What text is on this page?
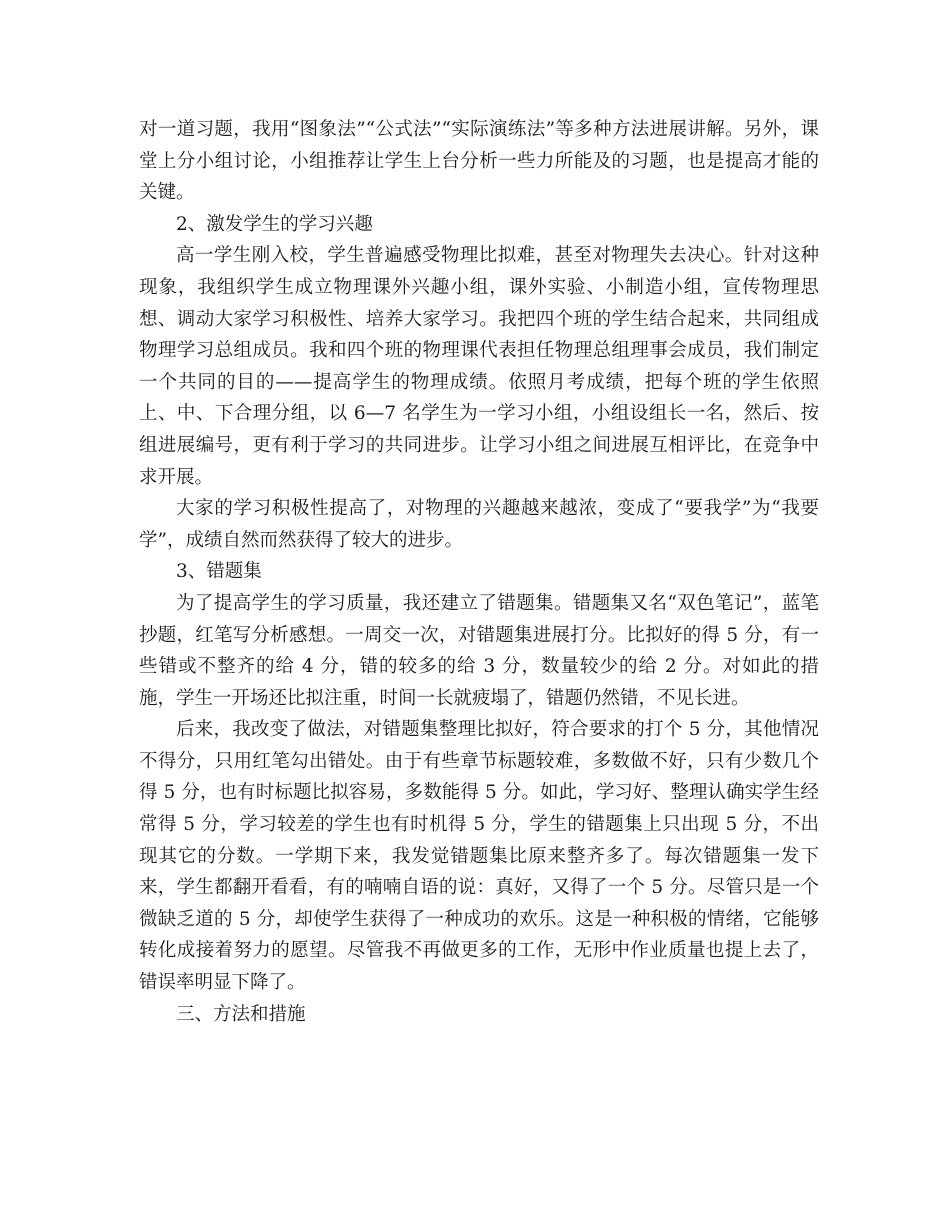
对一道习题，我用“图象法”“公式法”“实际演练法”等多种方法进展讲解。另外，课堂上分小组讨论，小组推荐让学生上台分析一些力所能及的习题，也是提高才能的关键。

2、激发学生的学习兴趣

高一学生刚入校，学生普遍感受物理比拟难，甚至对物理失去决心。针对这种现象，我组织学生成立物理课外兴趣小组，课外实验、小制造小组，宣传物理思想、调动大家学习积极性、培养大家学习。我把四个班的学生结合起来，共同组成物理学习总组成员。我和四个班的物理课代表担任物理总组理事会成员，我们制定一个共同的目的——提高学生的物理成绩。依照月考成绩，把每个班的学生依照上、中、下合理分组，以 6—7 名学生为一学习小组，小组设组长一名，然后、按组进展编号，更有利于学习的共同进步。让学习小组之间进展互相评比，在竞争中求开展。

大家的学习积极性提高了，对物理的兴趣越来越浓，变成了“要我学”为“我要学”，成绩自然而然获得了较大的进步。

3、错题集

为了提高学生的学习质量，我还建立了错题集。错题集又名“双色笔记”，蓝笔抄题，红笔写分析感想。一周交一次，对错题集进展打分。比拟好的得 5 分，有一些错或不整齐的给 4 分，错的较多的给 3 分，数量较少的给 2 分。对如此的措施，学生一开场还比拟注重，时间一长就疲塌了，错题仍然错，不见长进。

后来，我改变了做法，对错题集整理比拟好，符合要求的打个 5 分，其他情况不得分，只用红笔勾出错处。由于有些章节标题较难，多数做不好，只有少数几个得 5 分，也有时标题比拟容易，多数能得 5 分。如此，学习好、整理认确实学生经常得 5 分，学习较差的学生也有时机得 5 分，学生的错题集上只出现 5 分，不出现其它的分数。一学期下来，我发觉错题集比原来整齐多了。每次错题集一发下来，学生都翻开看看，有的喃喃自语的说：真好，又得了一个 5 分。尽管只是一个微缺乏道的 5 分，却使学生获得了一种成功的欢乐。这是一种积极的情绪，它能够转化成接着努力的愿望。尽管我不再做更多的工作，无形中作业质量也提上去了，错误率明显下降了。

三、方法和措施
